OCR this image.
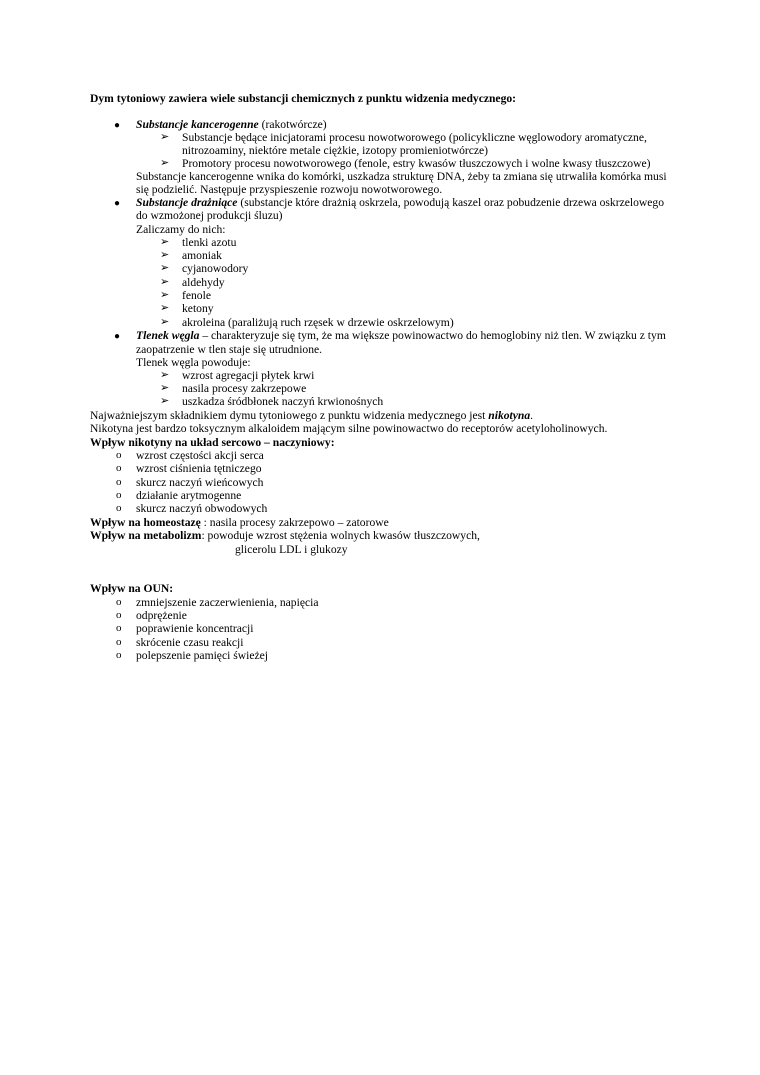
Dym tytoniowy zawiera wiele substancji chemicznych z punktu widzenia medycznego:
● Substancje kancerogenne (rakotwórcze)
➢ Substancje będące inicjatorami procesu nowotworowego (policykliczne węglowodory aromatyczne,
nitrozoaminy, niektóre metale ciężkie, izotopy promieniotwórcze)
➢ Promotory procesu nowotworowego (fenole, estry kwasów tłuszczowych i wolne kwasy tłuszczowe)
Substancje kancerogenne wnika do komórki, uszkadza strukturę DNA, żeby ta zmiana się utrwaliła komórka musi
się podzielić. Następuje przyspieszenie rozwoju nowotworowego.
● Substancje drażniące (substancje które drażnią oskrzela, powodują kaszel oraz pobudzenie drzewa oskrzelowego
do wzmożonej produkcji śluzu)
Zaliczamy do nich:
➢ tlenki azotu
➢ amoniak
➢ cyjanowodory
➢ aldehydy
➢ fenole
➢ ketony
➢ akroleina (paraliżują ruch rzęsek w drzewie oskrzelowym)
● Tlenek węgla – charakteryzuje się tym, że ma większe powinowactwo do hemoglobiny niż tlen. W związku z tym
zaopatrzenie w tlen staje się utrudnione.
Tlenek węgla powoduje:
➢ wzrost agregacji płytek krwi
➢ nasila procesy zakrzepowe
➢ uszkadza śródbłonek naczyń krwionośnych
Najważniejszym składnikiem dymu tytoniowego z punktu widzenia medycznego jest nikotyna.
Nikotyna jest bardzo toksycznym alkaloidem mającym silne powinowactwo do receptorów acetyloholinowych.
Wpływ nikotyny na układ sercowo – naczyniowy:
o wzrost częstości akcji serca
o wzrost ciśnienia tętniczego
o skurcz naczyń wieńcowych
o działanie arytmogenne
o skurcz naczyń obwodowych
Wpływ na homeostazę : nasila procesy zakrzepowo – zatorowe
Wpływ na metabolizm: powoduje wzrost stężenia wolnych kwasów tłuszczowych,
glicerolu LDL i glukozy
Wpływ na OUN:
o zmniejszenie zaczerwienienia, napięcia
o odprężenie
o poprawienie koncentracji
o skrócenie czasu reakcji
o polepszenie pamięci świeżej
